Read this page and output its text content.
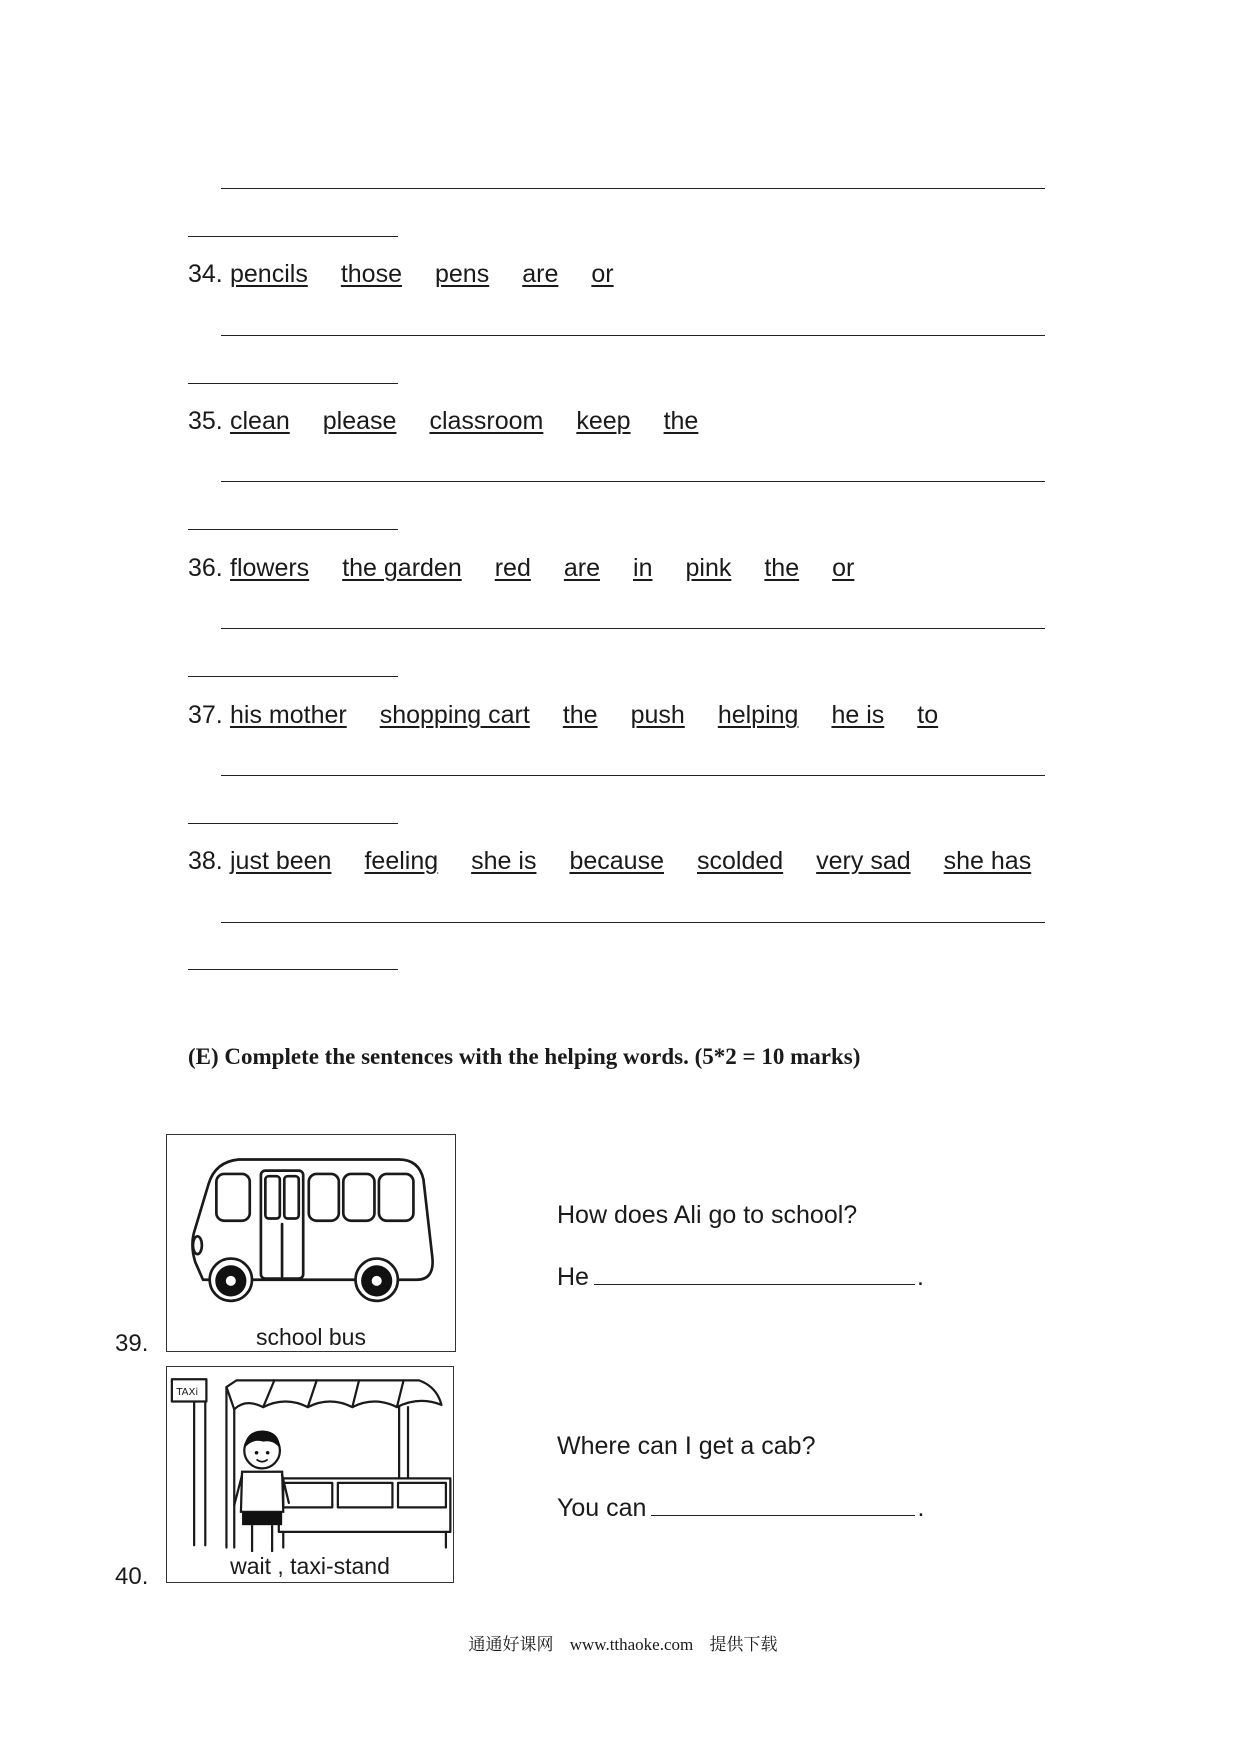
34. pencils those pens are or
35. clean please classroom keep the
36. flowers the garden red are in pink the or
37. his mother shopping cart the push helping he is to
38. just been feeling she is because scolded very sad she has
(E) Complete the sentences with the helping words. (5*2 = 10 marks)
39.	school bus
How does Ali go to school?
He	.
40.
TAXi
wait , taxi-stand
Where can I get a cab?
You can	.
通通好课网 www.tthaoke.com 提供下载
